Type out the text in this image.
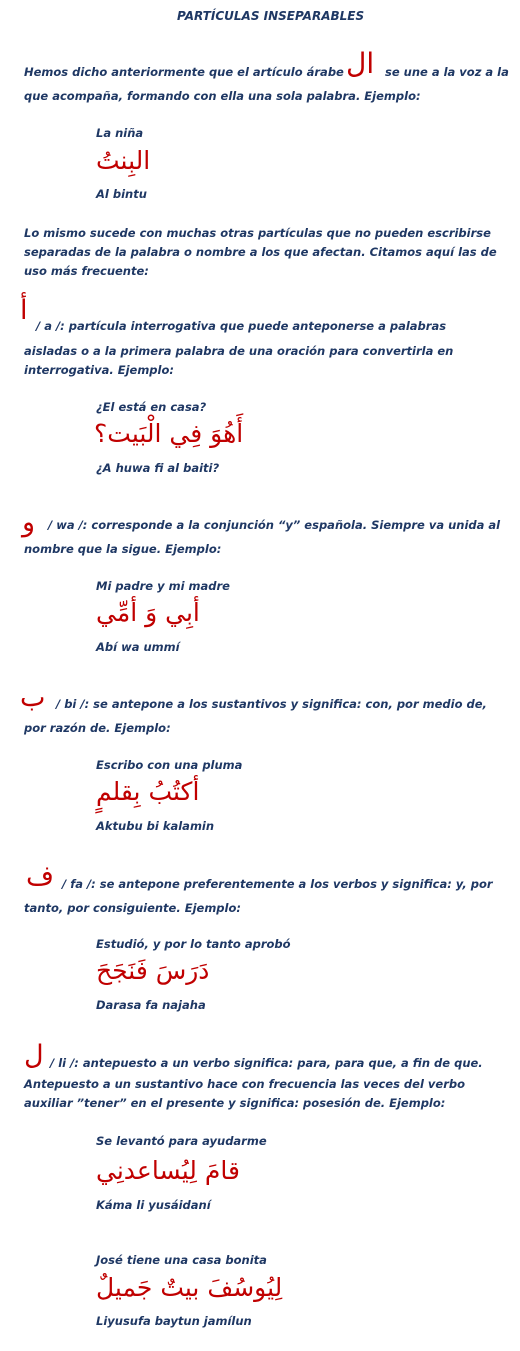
PARTÍCULAS INSEPARABLES
Hemos dicho anteriormente que el artículo árabe ال se une a la voz a la
que acompaña, formando con ella una sola palabra. Ejemplo:
La niña
البِنتُ
Al bintu
Lo mismo sucede con muchas otras partículas que no pueden escribirse
separadas de la palabra o nombre a los que afectan. Citamos aquí las de
uso más frecuente:
أ / a /: partícula interrogativa que puede anteponerse a palabras
aisladas o a la primera palabra de una oración para convertirla en
interrogativa. Ejemplo:
¿El está en casa?
أَهُوَ فِي الْبَيت؟
¿A huwa fi al baiti?
و / wa /: corresponde a la conjunción “y” española. Siempre va unida al
nombre que la sigue. Ejemplo:
Mi padre y mi madre
أبِي وَ أمِّي
Abí wa ummí
ب / bi /: se antepone a los sustantivos y significa: con, por medio de,
por razón de. Ejemplo:
Escribo con una pluma
أكتُبُ بِقلمٍ
Aktubu bi kalamin
ف / fa /: se antepone preferentemente a los verbos y significa: y, por
tanto, por consiguiente. Ejemplo:
Estudió, y por lo tanto aprobó
دَرَسَ فَنَجَحَ
Darasa fa najaha
ل / li /: antepuesto a un verbo significa: para, para que, a fin de que.
Antepuesto a un sustantivo hace con frecuencia las veces del verbo
auxiliar ”tener” en el presente y significa: posesión de. Ejemplo:
Se levantó para ayudarme
قامَ لِيُساعدنِي
Káma li yusáidaní
José tiene una casa bonita
لِيُوسُفَ بيتٌ جَميلٌ
Liyusufa baytun jamílun
